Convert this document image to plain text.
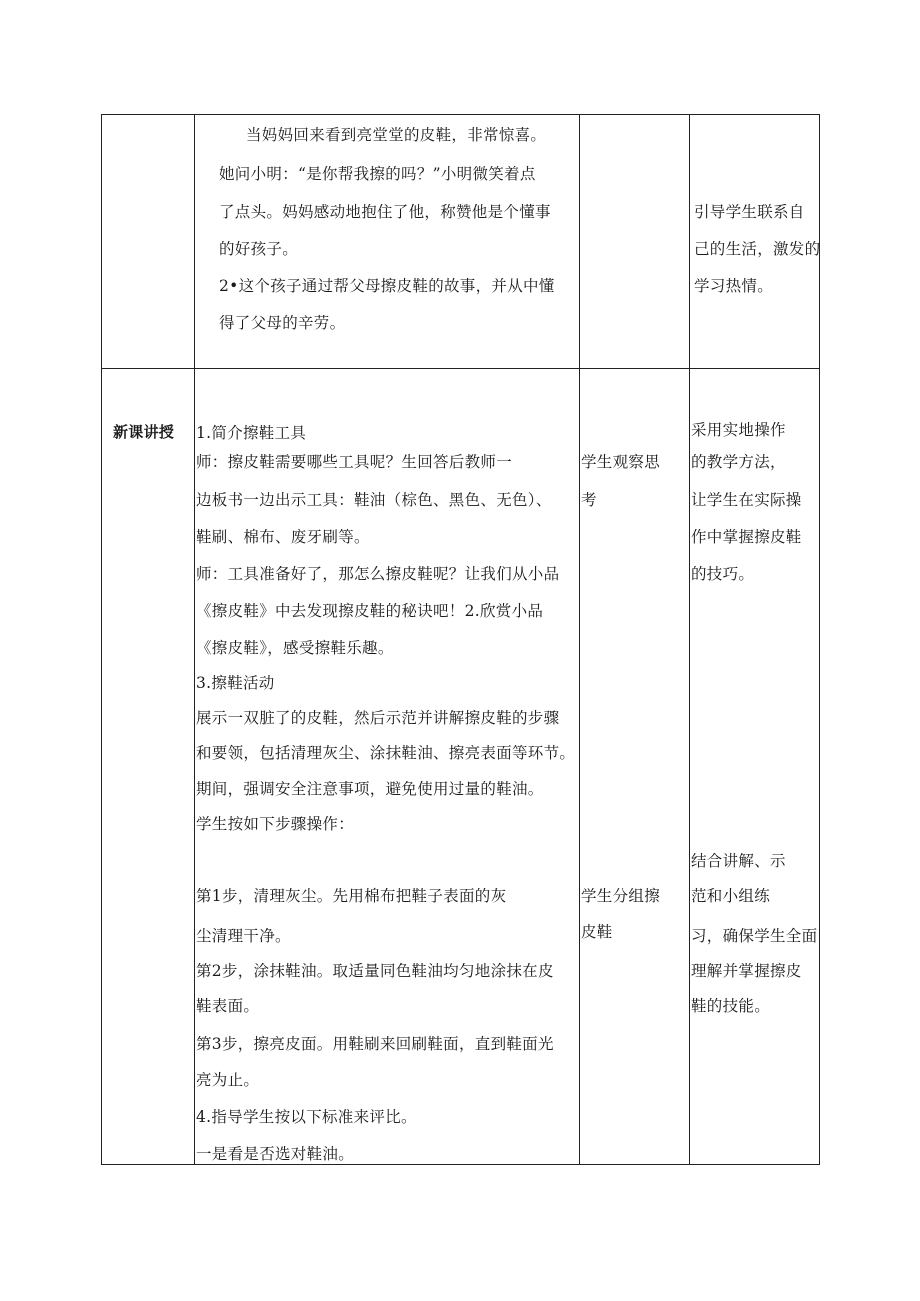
当妈妈回来看到亮堂堂的皮鞋，非常惊喜。
她问小明：“是你帮我擦的吗？”小明微笑着点
了点头。妈妈感动地抱住了他，称赞他是个懂事
的好孩子。
2•这个孩子通过帮父母擦皮鞋的故事，并从中懂
得了父母的辛劳。
引导学生联系自
己的生活，激发的
学习热情。
新课讲授 1.简介擦鞋工具
师：擦皮鞋需要哪些工具呢？生回答后教师一
边板书一边出示工具：鞋油（棕色、黑色、无色）、
鞋刷、棉布、废牙刷等。
师：工具准备好了，那怎么擦皮鞋呢？让我们从小品
《擦皮鞋》中去发现擦皮鞋的秘诀吧！2.欣赏小品
《擦皮鞋》，感受擦鞋乐趣。
3.擦鞋活动
展示一双脏了的皮鞋，然后示范并讲解擦皮鞋的步骤
和要领，包括清理灰尘、涂抹鞋油、擦亮表面等环节。
期间，强调安全注意事项，避免使用过量的鞋油。
学生按如下步骤操作：
第1步，清理灰尘。先用棉布把鞋子表面的灰
尘清理干净。
第2步，涂抹鞋油。取适量同色鞋油均匀地涂抹在皮
鞋表面。
第3步，擦亮皮面。用鞋刷来回刷鞋面，直到鞋面光
亮为止。
4.指导学生按以下标准来评比。
一是看是否选对鞋油。
学生观察思
考
学生分组擦
皮鞋
采用实地操作
的教学方法，
让学生在实际操
作中掌握擦皮鞋
的技巧。
结合讲解、示
范和小组练
习，确保学生全面
理解并掌握擦皮
鞋的技能。
